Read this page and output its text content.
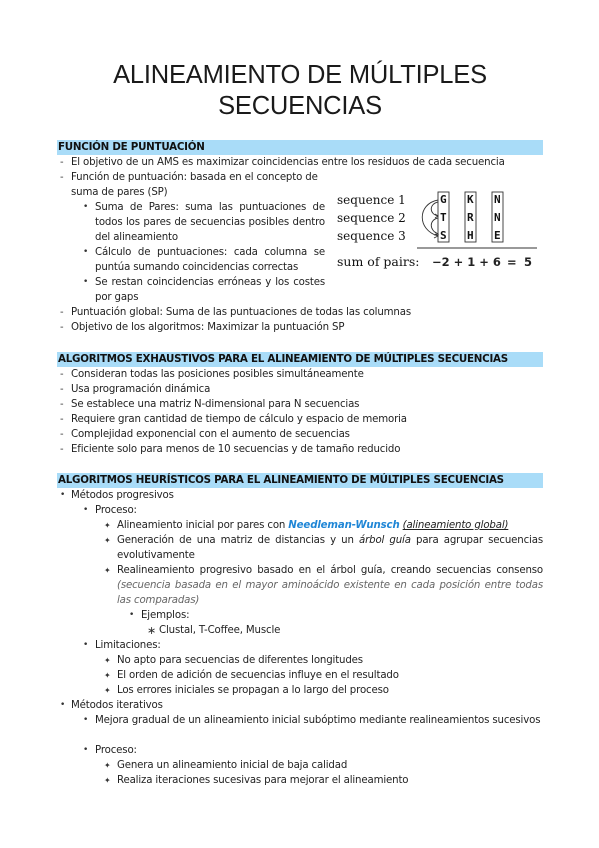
ALINEAMIENTO DE MÚLTIPLES
SECUENCIAS
FUNCIÓN DE PUNTUACIÓN
- El objetivo de un AMS es maximizar coincidencias entre los residuos de cada secuencia
- Función de puntuación: basada en el concepto de
suma de pares (SP)
• Suma de Pares: suma las puntuaciones de todos los pares de secuencias posibles dentro del alineamiento
• Cálculo de puntuaciones: cada columna se puntúa sumando coincidencias correctas
• Se restan coincidencias erróneas y los costes por gaps
- Puntuación global: Suma de las puntuaciones de todas las columnas
- Objetivo de los algoritmos: Maximizar la puntuación SP
sequence 1
sequence 2
sequence 3
G K N
T R N
S H E
sum of pairs: −2 + 1 + 6 = 5
ALGORITMOS EXHAUSTIVOS PARA EL ALINEAMIENTO DE MÚLTIPLES SECUENCIAS
- Consideran todas las posiciones posibles simultáneamente
- Usa programación dinámica
- Se establece una matriz N-dimensional para N secuencias
- Requiere gran cantidad de tiempo de cálculo y espacio de memoria
- Complejidad exponencial con el aumento de secuencias
- Eficiente solo para menos de 10 secuencias y de tamaño reducido
ALGORITMOS HEURÍSTICOS PARA EL ALINEAMIENTO DE MÚLTIPLES SECUENCIAS
• Métodos progresivos
• Proceso:
✦ Alineamiento inicial por pares con Needleman-Wunsch (alineamiento global)
✦ Generación de una matriz de distancias y un árbol guía para agrupar secuencias evolutivamente
✦ Realineamiento progresivo basado en el árbol guía, creando secuencias consenso (secuencia basada en el mayor aminoácido existente en cada posición entre todas las comparadas)
• Ejemplos:
∗ Clustal, T-Coffee, Muscle
• Limitaciones:
✦ No apto para secuencias de diferentes longitudes
✦ El orden de adición de secuencias influye en el resultado
✦ Los errores iniciales se propagan a lo largo del proceso
• Métodos iterativos
• Mejora gradual de un alineamiento inicial subóptimo mediante realineamientos sucesivos
• Proceso:
✦ Genera un alineamiento inicial de baja calidad
✦ Realiza iteraciones sucesivas para mejorar el alineamiento
